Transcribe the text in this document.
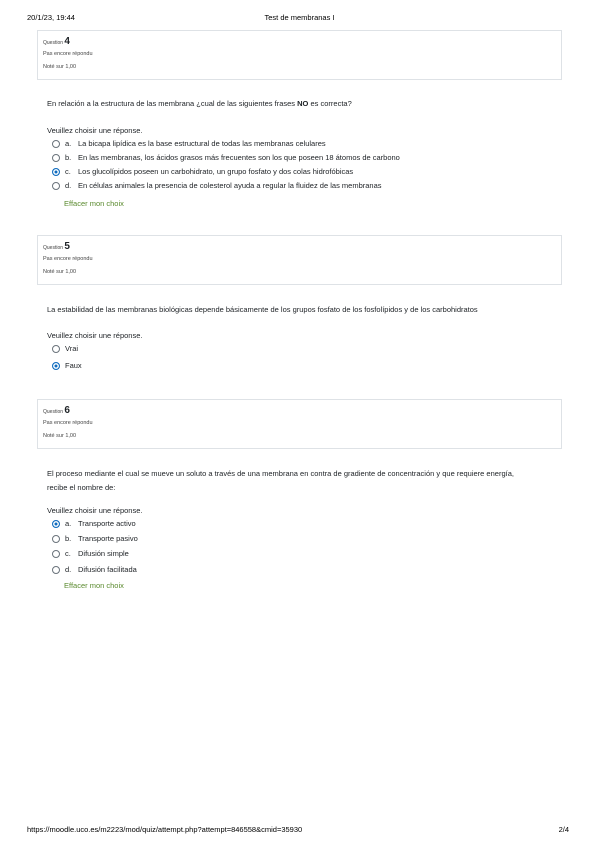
20/1/23, 19:44	Test de membranas I
Question 4
Pas encore répondu
Noté sur 1,00
En relación a la estructura de las membrana ¿cual de las siguientes frases NO es correcta?
Veuillez choisir une réponse.
a. La bicapa lipídica es la base estructural de todas las membranas celulares
b. En las membranas, los ácidos grasos más frecuentes son los que poseen 18 átomos de carbono
c. Los glucolípidos poseen un carbohidrato, un grupo fosfato y dos colas hidrofóbicas
d. En células animales la presencia de colesterol ayuda a regular la fluidez de las membranas
Effacer mon choix
Question 5
Pas encore répondu
Noté sur 1,00
La estabilidad de las membranas biológicas depende básicamente de los grupos fosfato de los fosfolípidos y de los carbohidratos
Veuillez choisir une réponse.
Vrai
Faux
Question 6
Pas encore répondu
Noté sur 1,00
El proceso mediante el cual se mueve un soluto a través de una membrana en contra de gradiente de concentración y que requiere energía,
recibe el nombre de:
Veuillez choisir une réponse.
a. Transporte activo
b. Transporte pasivo
c. Difusión simple
d. Difusión facilitada
Effacer mon choix
https://moodle.uco.es/m2223/mod/quiz/attempt.php?attempt=846558&cmid=35930	2/4
